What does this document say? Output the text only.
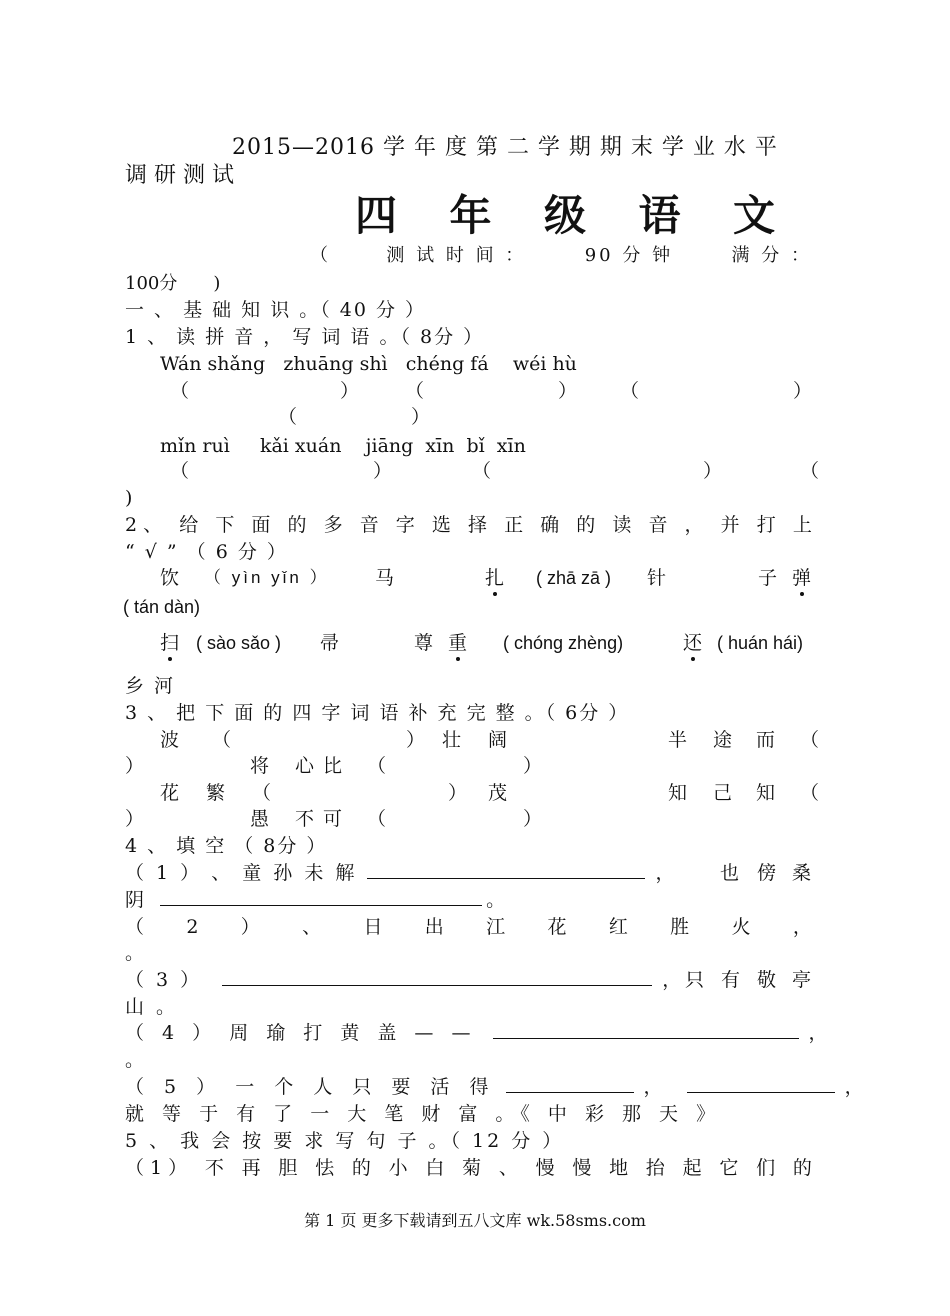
2015—2016 学 年 度 第 二 学 期 期 末 学 业 水 平
调 研 测 试
四 年 级 语 文
（	测 试 时 间 ：	90 分 钟	满 分 ：
100分　　)
一 、 基 础 知 识 。（ 40 分 ）
1 、 读 拼 音 ， 写 词 语 。（ 8分 ）
Wán shǎng   zhuāng shì   chéng fá    wéi hù
（	） （	） （	）
（　　　　　　）
mǐn ruì     kǎi xuán    jiāng  xīn  bǐ  xīn
（	）	（	）	（
)
2 、 给 下 面 的 多 音 字 选 择 正 确 的 读 音 ， 并 打 上
“ √ ” （ 6 分 ）
饮 （ yìn yǐn ） 马	扎 ( zhā zā ) 针	子 弹
( tán dàn)
扫 ( sào sǎo ) 帚	尊 重 ( chóng zhèng)	还 ( huán hái)
乡 河
3 、 把 下 面 的 四 字 词 语 补 充 完 整 。（ 6分 ）
波 （	） 壮 阔	半 途 而 （
）	将 心 比 （	）
花 繁 （	） 茂	知 己 知 （
）	愚 不 可 （	）
4 、 填 空 （ 8分 ）
（ 1 ） 、 童 孙 未 解	， 也 傍 桑
阴	。
（ 2 ） 、 日 出 江 花 红 胜 火 ，
。
（ 3 ）	， 只 有 敬 亭
山 。
（ 4 ） 周 瑜 打 黄 盖 — —	，
。
（ 5 ） 一 个 人 只 要 活 得	，	，
就 等 于 有 了 一 大 笔 财 富 。《 中 彩 那 天 》
5 、 我 会 按 要 求 写 句 子 。（ 12 分 ）
（ 1 ） 不 再 胆 怯 的 小 白 菊 、 慢 慢 地 抬 起 它 们 的
第 1 页 更多下载请到五八文库 wk.58sms.com
